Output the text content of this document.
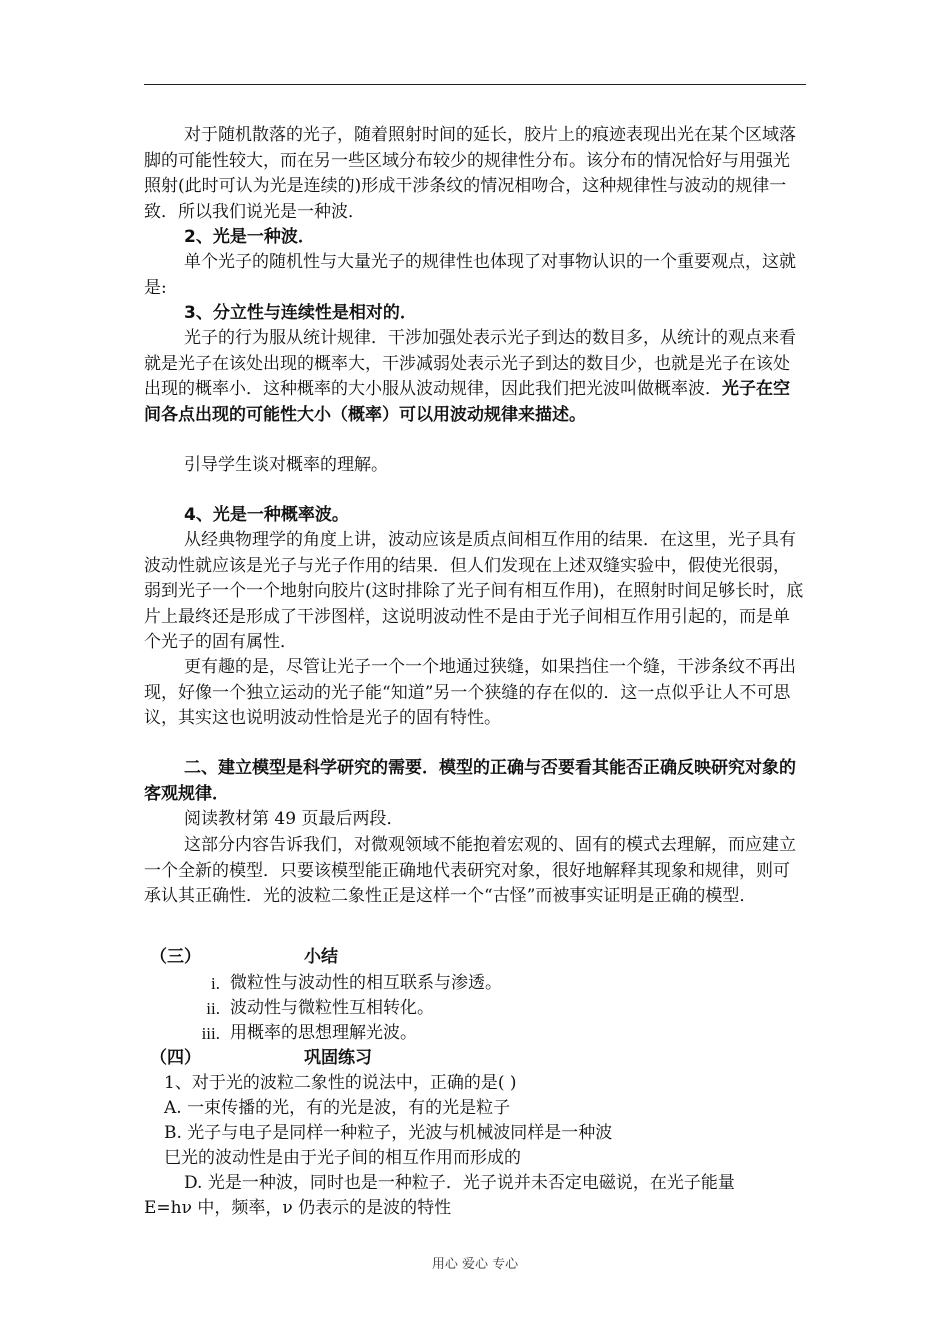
对于随机散落的光子，随着照射时间的延长，胶片上的痕迹表现出光在某个区域落脚的可能性较大，而在另一些区域分布较少的规律性分布。该分布的情况恰好与用强光照射(此时可认为光是连续的)形成干涉条纹的情况相吻合，这种规律性与波动的规律一致．所以我们说光是一种波．

2、光是一种波．

单个光子的随机性与大量光子的规律性也体现了对事物认识的一个重要观点，这就是:

3、分立性与连续性是相对的．

光子的行为服从统计规律．干涉加强处表示光子到达的数目多，从统计的观点来看就是光子在该处出现的概率大，干涉减弱处表示光子到达的数目少，也就是光子在该处出现的概率小．这种概率的大小服从波动规律，因此我们把光波叫做概率波．光子在空间各点出现的可能性大小（概率）可以用波动规律来描述。

引导学生谈对概率的理解。

4、光是一种概率波。

从经典物理学的角度上讲，波动应该是质点间相互作用的结果．在这里，光子具有波动性就应该是光子与光子作用的结果．但人们发现在上述双缝实验中，假使光很弱，弱到光子一个一个地射向胶片(这时排除了光子间有相互作用)，在照射时间足够长时，底片上最终还是形成了干涉图样，这说明波动性不是由于光子间相互作用引起的，而是单个光子的固有属性．

更有趣的是，尽管让光子一个一个地通过狭缝，如果挡住一个缝，干涉条纹不再出现，好像一个独立运动的光子能“知道”另一个狭缝的存在似的．这一点似乎让人不可思议，其实这也说明波动性恰是光子的固有特性。

二、建立模型是科学研究的需要．模型的正确与否要看其能否正确反映研究对象的客观规律．

阅读教材第 49 页最后两段．

这部分内容告诉我们，对微观领域不能抱着宏观的、固有的模式去理解，而应建立一个全新的模型．只要该模型能正确地代表研究对象，很好地解释其现象和规律，则可承认其正确性．光的波粒二象性正是这样一个“古怪”而被事实证明是正确的模型．

（三）	小结
i. 微粒性与波动性的相互联系与渗透。
ii. 波动性与微粒性互相转化。
iii. 用概率的思想理解光波。
（四）	巩固练习
1、对于光的波粒二象性的说法中，正确的是( )
A. 一束传播的光，有的光是波，有的光是粒子
B. 光子与电子是同样一种粒子，光波与机械波同样是一种波
巳光的波动性是由于光子间的相互作用而形成的
D. 光是一种波，同时也是一种粒子．光子说并未否定电磁说，在光子能量
E=hν 中，频率，ν 仍表示的是波的特性
用心 爱心 专心
